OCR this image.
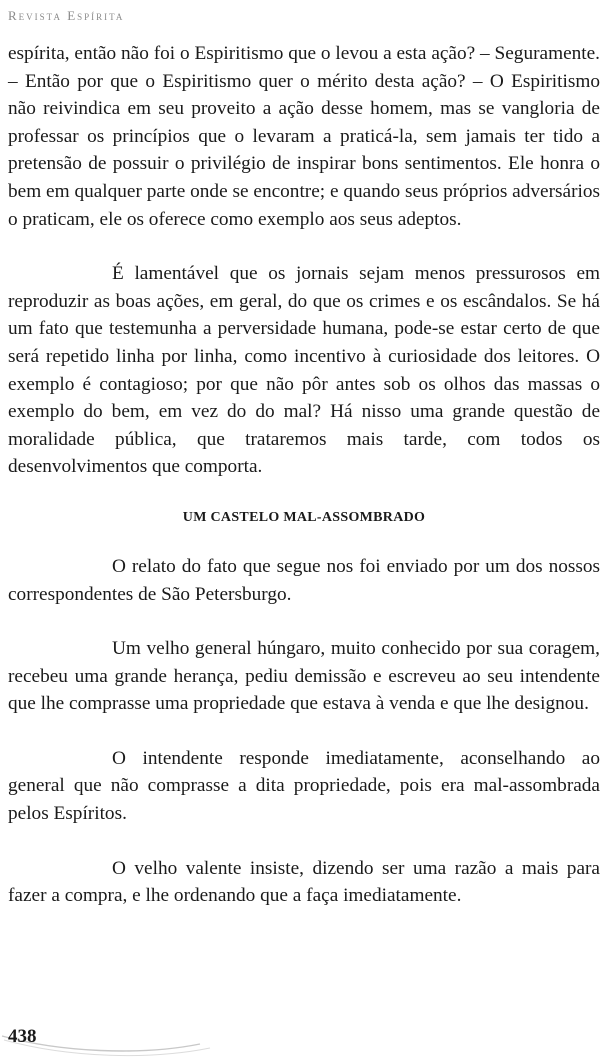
Revista Espírita

espírita, então não foi o Espiritismo que o levou a esta ação? – Seguramente. – Então por que o Espiritismo quer o mérito desta ação? – O Espiritismo não reivindica em seu proveito a ação desse homem, mas se vangloria de professar os princípios que o levaram a praticá-la, sem jamais ter tido a pretensão de possuir o privilégio de inspirar bons sentimentos. Ele honra o bem em qualquer parte onde se encontre; e quando seus próprios adversários o praticam, ele os oferece como exemplo aos seus adeptos.

É lamentável que os jornais sejam menos pressurosos em reproduzir as boas ações, em geral, do que os crimes e os escândalos. Se há um fato que testemunha a perversidade humana, pode-se estar certo de que será repetido linha por linha, como incentivo à curiosidade dos leitores. O exemplo é contagioso; por que não pôr antes sob os olhos das massas o exemplo do bem, em vez do do mal? Há nisso uma grande questão de moralidade pública, que trataremos mais tarde, com todos os desenvolvimentos que comporta.

UM CASTELO MAL-ASSOMBRADO

O relato do fato que segue nos foi enviado por um dos nossos correspondentes de São Petersburgo.

Um velho general húngaro, muito conhecido por sua coragem, recebeu uma grande herança, pediu demissão e escreveu ao seu intendente que lhe comprasse uma propriedade que estava à venda e que lhe designou.

O intendente responde imediatamente, aconselhando ao general que não comprasse a dita propriedade, pois era mal-assombrada pelos Espíritos.

O velho valente insiste, dizendo ser uma razão a mais para fazer a compra, e lhe ordenando que a faça imediatamente.

438
